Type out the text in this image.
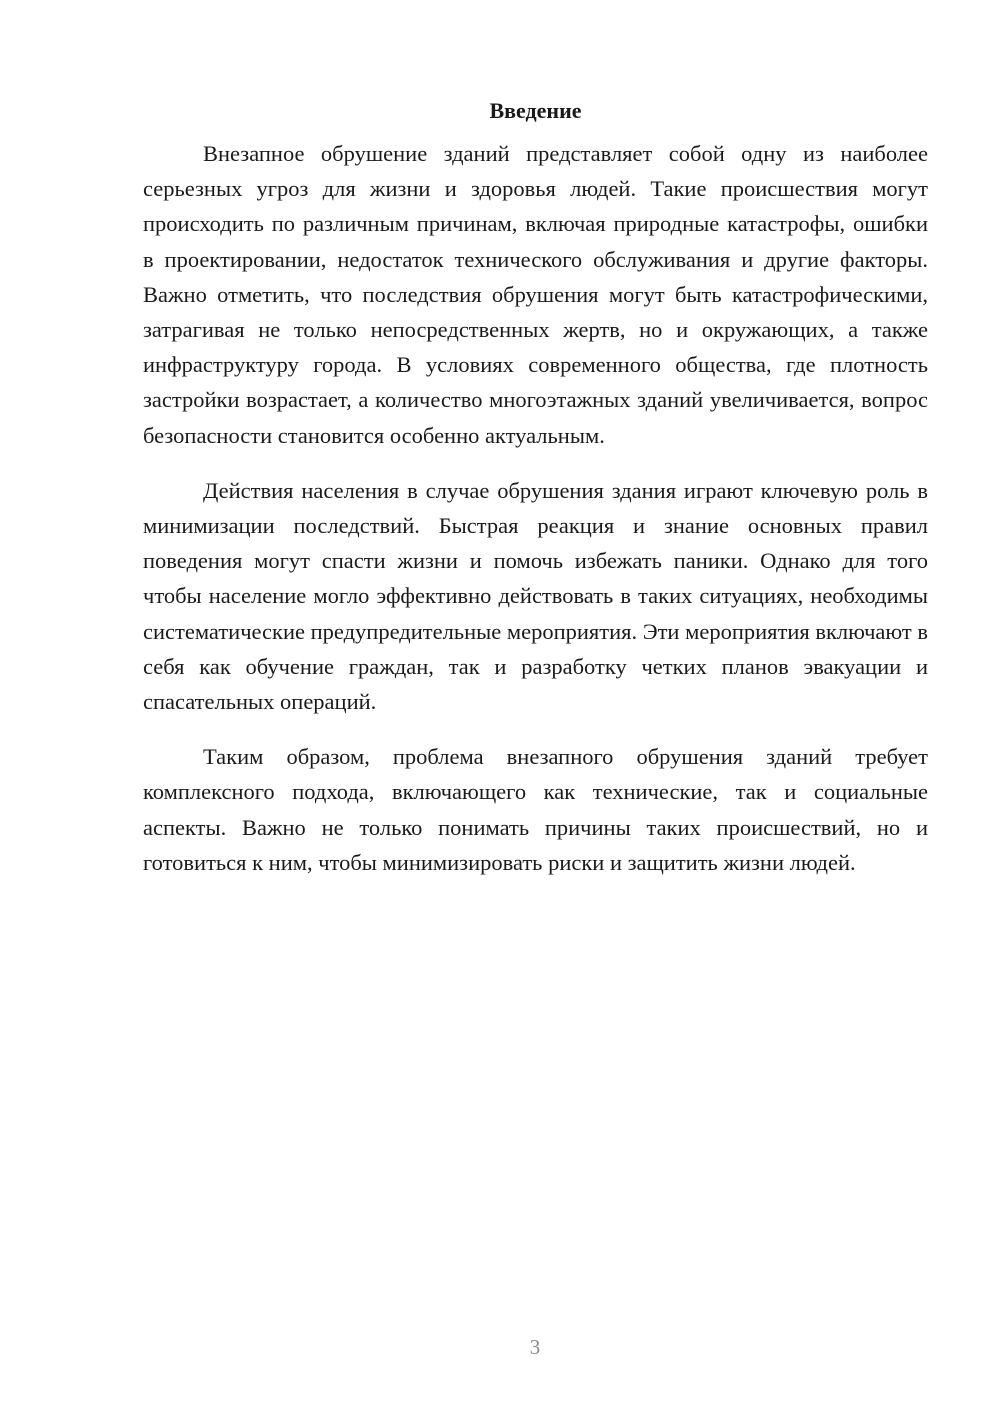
Введение

Внезапное обрушение зданий представляет собой одну из наиболее серьезных угроз для жизни и здоровья людей. Такие происшествия могут происходить по различным причинам, включая природные катастрофы, ошибки в проектировании, недостаток технического обслуживания и другие факторы. Важно отметить, что последствия обрушения могут быть катастрофическими, затрагивая не только непосредственных жертв, но и окружающих, а также инфраструктуру города. В условиях современного общества, где плотность застройки возрастает, а количество многоэтажных зданий увеличивается, вопрос безопасности становится особенно актуальным.

Действия населения в случае обрушения здания играют ключевую роль в минимизации последствий. Быстрая реакция и знание основных правил поведения могут спасти жизни и помочь избежать паники. Однако для того чтобы население могло эффективно действовать в таких ситуациях, необходимы систематические предупредительные мероприятия. Эти мероприятия включают в себя как обучение граждан, так и разработку четких планов эвакуации и спасательных операций.

Таким образом, проблема внезапного обрушения зданий требует комплексного подхода, включающего как технические, так и социальные аспекты. Важно не только понимать причины таких происшествий, но и готовиться к ним, чтобы минимизировать риски и защитить жизни людей.

3
